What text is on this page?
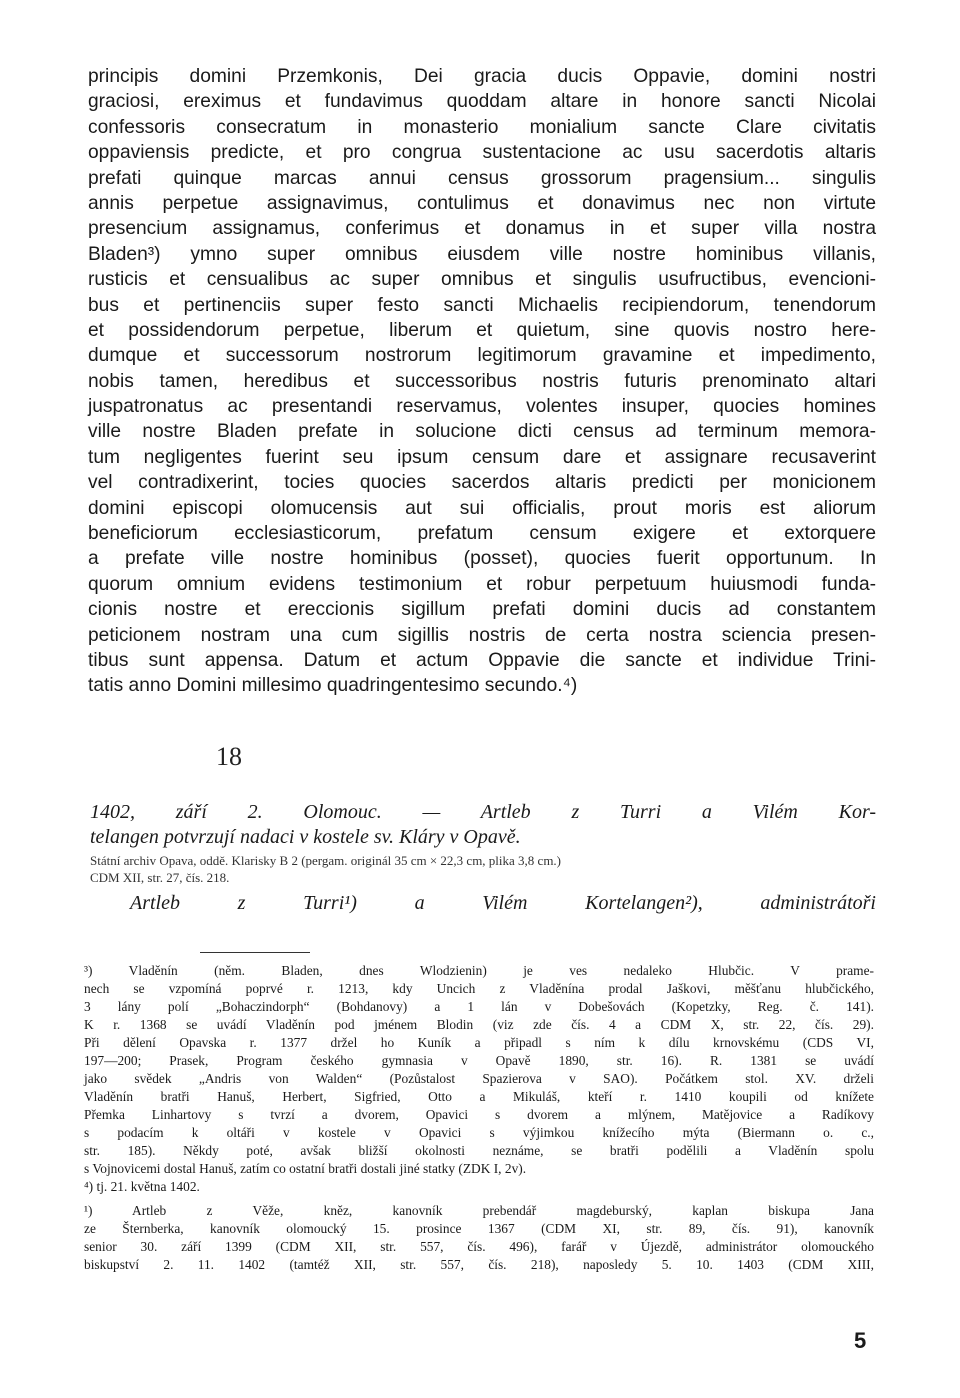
principis domini Przemkonis, Dei gracia ducis Oppavie, domini nostri
graciosi, ereximus et fundavimus quoddam altare in honore sancti Nicolai
confessoris consecratum in monasterio monialium sancte Clare civitatis
oppaviensis predicte, et pro congrua sustentacione ac usu sacerdotis altaris
prefati quinque marcas annui census grossorum pragensium... singulis
annis perpetue assignavimus, contulimus et donavimus nec non virtute
presencium assignamus, conferimus et donamus in et super villa nostra
Bladen³) ymno super omnibus eiusdem ville nostre hominibus villanis,
rusticis et censualibus ac super omnibus et singulis usufructibus, evencioni-
bus et pertinenciis super festo sancti Michaelis recipiendorum, tenendorum
et possidendorum perpetue, liberum et quietum, sine quovis nostro here-
dumque et successorum nostrorum legitimorum gravamine et impedimento,
nobis tamen, heredibus et successoribus nostris futuris prenominato altari
juspatronatus ac presentandi reservamus, volentes insuper, quocies homines
ville nostre Bladen prefate in solucione dicti census ad terminum memora-
tum negligentes fuerint seu ipsum censum dare et assignare recusaverint
vel contradixerint, tocies quocies sacerdos altaris predicti per monicionem
domini episcopi olomucensis aut sui officialis, prout moris est aliorum
beneficiorum ecclesiasticorum, prefatum censum exigere et extorquere
a prefate ville nostre hominibus (posset), quocies fuerit opportunum. In
quorum omnium evidens testimonium et robur perpetuum huiusmodi funda-
cionis nostre et ereccionis sigillum prefati domini ducis ad constantem
peticionem nostram una cum sigillis nostris de certa nostra sciencia presen-
tibus sunt appensa. Datum et actum Oppavie die sancte et individue Trini-
tatis anno Domini millesimo quadringentesimo secundo.⁴)
18
1402, září 2. Olomouc. — Artleb z Turri a Vilém Kor-
telangen potvrzují nadaci v kostele sv. Kláry v Opavě.
Státní archiv Opava, oddě. Klarisky B 2 (pergam. originál 35 cm × 22,3 cm, plika 3,8 cm.)
CDM XII, str. 27, čís. 218.
Artleb z Turri¹) a Vilém Kortelangen²), administrátoři
³) Vladěnín (něm. Bladen, dnes Wlodzienin) je ves nedaleko Hlubčic. V prame-
nech se vzpomíná poprvé r. 1213, kdy Uncich z Vladěnína prodal Jaškovi, měšťanu hlubčického,
3 lány polí „Bohaczindorph“ (Bohdanovy) a 1 lán v Dobešovách (Kopetzky, Reg. č. 141).
K r. 1368 se uvádí Vladěnín pod jménem Blodin (viz zde čís. 4 a CDM X, str. 22, čís. 29).
Při dělení Opavska r. 1377 držel ho Kuník a připadl s ním k dílu krnovskému (CDS VI,
197—200; Prasek, Program českého gymnasia v Opavě 1890, str. 16). R. 1381 se uvádí
jako svědek „Andris von Walden“ (Pozůstalost Spazierova v SAO). Počátkem stol. XV. drželi
Vladěnín bratři Hanuš, Herbert, Sigfried, Otto a Mikuláš, kteří r. 1410 koupili od knížete
Přemka Linhartovy s tvrzí a dvorem, Opavici s dvorem a mlýnem, Matějovice a Radíkovy
s podacím k oltáři v kostele v Opavici s výjimkou knížecího mýta (Biermann o. c.,
str. 185). Někdy poté, avšak bližší okolnosti neznáme, se bratři podělili a Vladěnín spolu
s Vojnovicemi dostal Hanuš, zatím co ostatní bratři dostali jiné statky (ZDK I, 2v).
⁴) tj. 21. května 1402.
¹) Artleb z Věže, kněz, kanovník prebendář magdeburský, kaplan biskupa Jana
ze Šternberka, kanovník olomoucký 15. prosince 1367 (CDM XI, str. 89, čís. 91), kanovník
senior 30. září 1399 (CDM XII, str. 557, čís. 496), farář v Újezdě, administrátor olomouckého
biskupství 2. 11. 1402 (tamtéž XII, str. 557, čís. 218), naposledy 5. 10. 1403 (CDM XIII,
5
